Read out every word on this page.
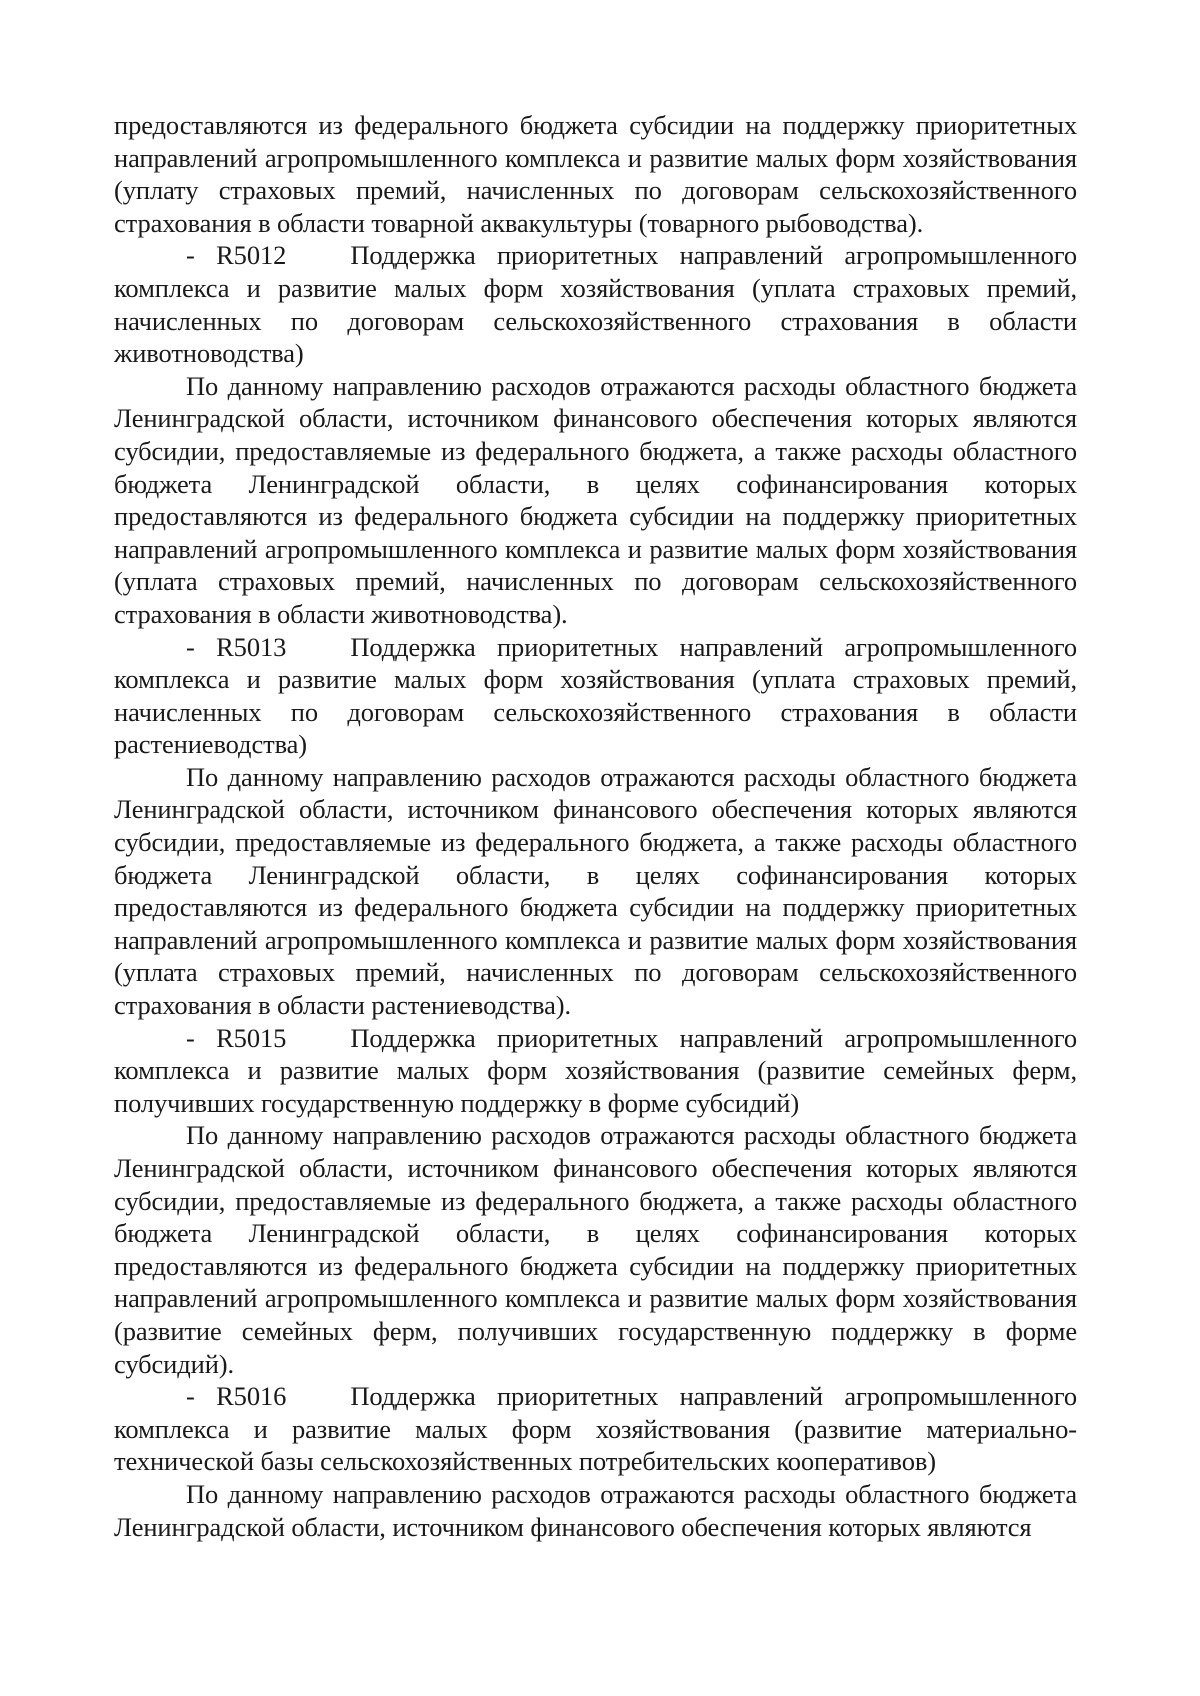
предоставляются из федерального бюджета субсидии на поддержку приоритетных направлений агропромышленного комплекса и развитие малых форм хозяйствования (уплату страховых премий, начисленных по договорам сельскохозяйственного страхования в области товарной аквакультуры (товарного рыбоводства).

- R5012 Поддержка приоритетных направлений агропромышленного комплекса и развитие малых форм хозяйствования (уплата страховых премий, начисленных по договорам сельскохозяйственного страхования в области животноводства)

По данному направлению расходов отражаются расходы областного бюджета Ленинградской области, источником финансового обеспечения которых являются субсидии, предоставляемые из федерального бюджета, а также расходы областного бюджета Ленинградской области, в целях софинансирования которых предоставляются из федерального бюджета субсидии на поддержку приоритетных направлений агропромышленного комплекса и развитие малых форм хозяйствования (уплата страховых премий, начисленных по договорам сельскохозяйственного страхования в области животноводства).

- R5013 Поддержка приоритетных направлений агропромышленного комплекса и развитие малых форм хозяйствования (уплата страховых премий, начисленных по договорам сельскохозяйственного страхования в области растениеводства)

По данному направлению расходов отражаются расходы областного бюджета Ленинградской области, источником финансового обеспечения которых являются субсидии, предоставляемые из федерального бюджета, а также расходы областного бюджета Ленинградской области, в целях софинансирования которых предоставляются из федерального бюджета субсидии на поддержку приоритетных направлений агропромышленного комплекса и развитие малых форм хозяйствования (уплата страховых премий, начисленных по договорам сельскохозяйственного страхования в области растениеводства).

- R5015 Поддержка приоритетных направлений агропромышленного комплекса и развитие малых форм хозяйствования (развитие семейных ферм, получивших государственную поддержку в форме субсидий)

По данному направлению расходов отражаются расходы областного бюджета Ленинградской области, источником финансового обеспечения которых являются субсидии, предоставляемые из федерального бюджета, а также расходы областного бюджета Ленинградской области, в целях софинансирования которых предоставляются из федерального бюджета субсидии на поддержку приоритетных направлений агропромышленного комплекса и развитие малых форм хозяйствования (развитие семейных ферм, получивших государственную поддержку в форме субсидий).

- R5016 Поддержка приоритетных направлений агропромышленного комплекса и развитие малых форм хозяйствования (развитие материально-технической базы сельскохозяйственных потребительских кооперативов)

По данному направлению расходов отражаются расходы областного бюджета Ленинградской области, источником финансового обеспечения которых являются
